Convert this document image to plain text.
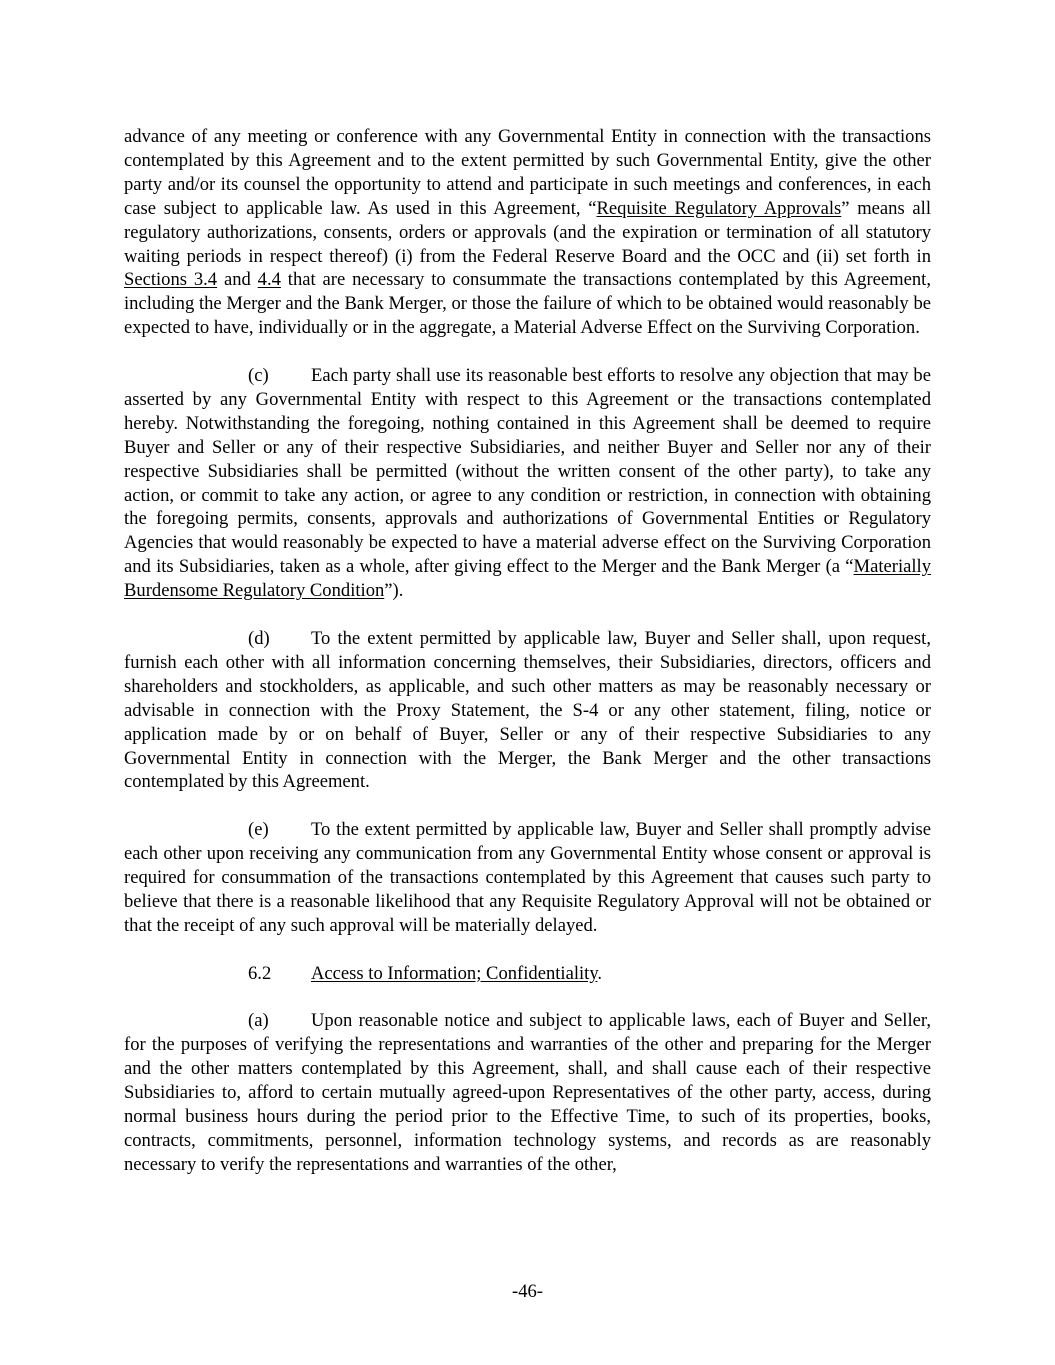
advance of any meeting or conference with any Governmental Entity in connection with the transactions contemplated by this Agreement and to the extent permitted by such Governmental Entity, give the other party and/or its counsel the opportunity to attend and participate in such meetings and conferences, in each case subject to applicable law. As used in this Agreement, “Requisite Regulatory Approvals” means all regulatory authorizations, consents, orders or approvals (and the expiration or termination of all statutory waiting periods in respect thereof) (i) from the Federal Reserve Board and the OCC and (ii) set forth in Sections 3.4 and 4.4 that are necessary to consummate the transactions contemplated by this Agreement, including the Merger and the Bank Merger, or those the failure of which to be obtained would reasonably be expected to have, individually or in the aggregate, a Material Adverse Effect on the Surviving Corporation.

(c) Each party shall use its reasonable best efforts to resolve any objection that may be asserted by any Governmental Entity with respect to this Agreement or the transactions contemplated hereby. Notwithstanding the foregoing, nothing contained in this Agreement shall be deemed to require Buyer and Seller or any of their respective Subsidiaries, and neither Buyer and Seller nor any of their respective Subsidiaries shall be permitted (without the written consent of the other party), to take any action, or commit to take any action, or agree to any condition or restriction, in connection with obtaining the foregoing permits, consents, approvals and authorizations of Governmental Entities or Regulatory Agencies that would reasonably be expected to have a material adverse effect on the Surviving Corporation and its Subsidiaries, taken as a whole, after giving effect to the Merger and the Bank Merger (a “Materially Burdensome Regulatory Condition”).

(d) To the extent permitted by applicable law, Buyer and Seller shall, upon request, furnish each other with all information concerning themselves, their Subsidiaries, directors, officers and shareholders and stockholders, as applicable, and such other matters as may be reasonably necessary or advisable in connection with the Proxy Statement, the S-4 or any other statement, filing, notice or application made by or on behalf of Buyer, Seller or any of their respective Subsidiaries to any Governmental Entity in connection with the Merger, the Bank Merger and the other transactions contemplated by this Agreement.

(e) To the extent permitted by applicable law, Buyer and Seller shall promptly advise each other upon receiving any communication from any Governmental Entity whose consent or approval is required for consummation of the transactions contemplated by this Agreement that causes such party to believe that there is a reasonable likelihood that any Requisite Regulatory Approval will not be obtained or that the receipt of any such approval will be materially delayed.

6.2 Access to Information; Confidentiality.

(a) Upon reasonable notice and subject to applicable laws, each of Buyer and Seller, for the purposes of verifying the representations and warranties of the other and preparing for the Merger and the other matters contemplated by this Agreement, shall, and shall cause each of their respective Subsidiaries to, afford to certain mutually agreed-upon Representatives of the other party, access, during normal business hours during the period prior to the Effective Time, to such of its properties, books, contracts, commitments, personnel, information technology systems, and records as are reasonably necessary to verify the representations and warranties of the other,

-46-
